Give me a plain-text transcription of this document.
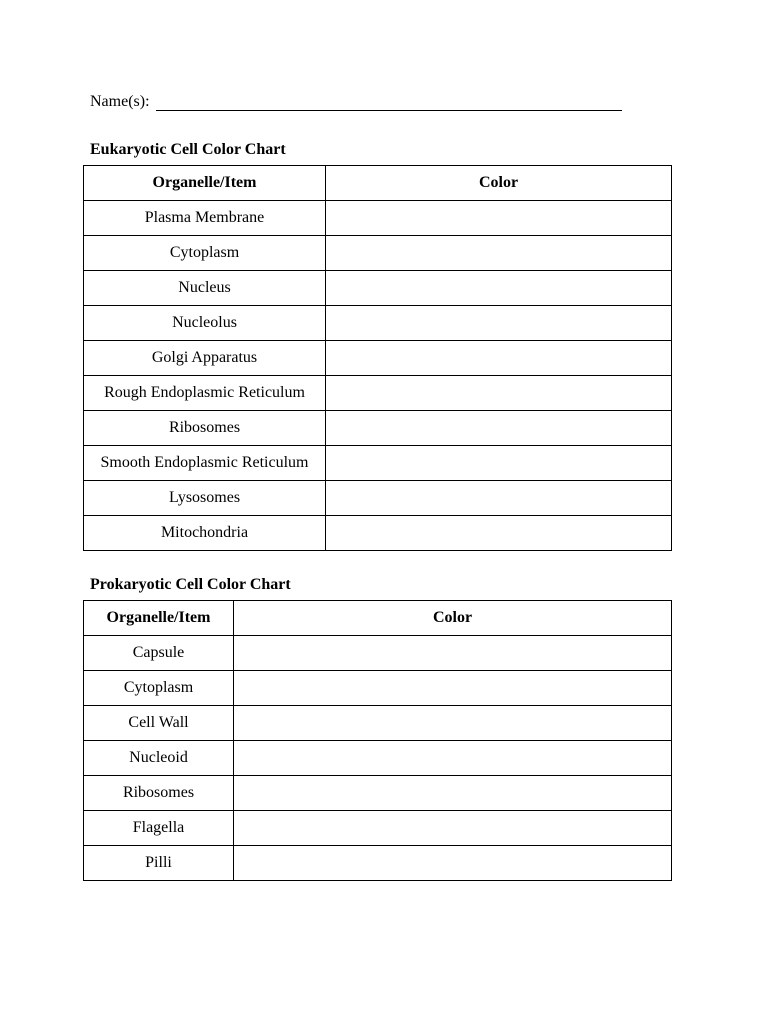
Name(s):
Eukaryotic Cell Color Chart
Organelle/Item	Color
Plasma Membrane	
Cytoplasm	
Nucleus	
Nucleolus	
Golgi Apparatus	
Rough Endoplasmic Reticulum	
Ribosomes	
Smooth Endoplasmic Reticulum	
Lysosomes	
Mitochondria	
Prokaryotic Cell Color Chart
Organelle/Item	Color
Capsule	
Cytoplasm	
Cell Wall	
Nucleoid	
Ribosomes	
Flagella	
Pilli	
